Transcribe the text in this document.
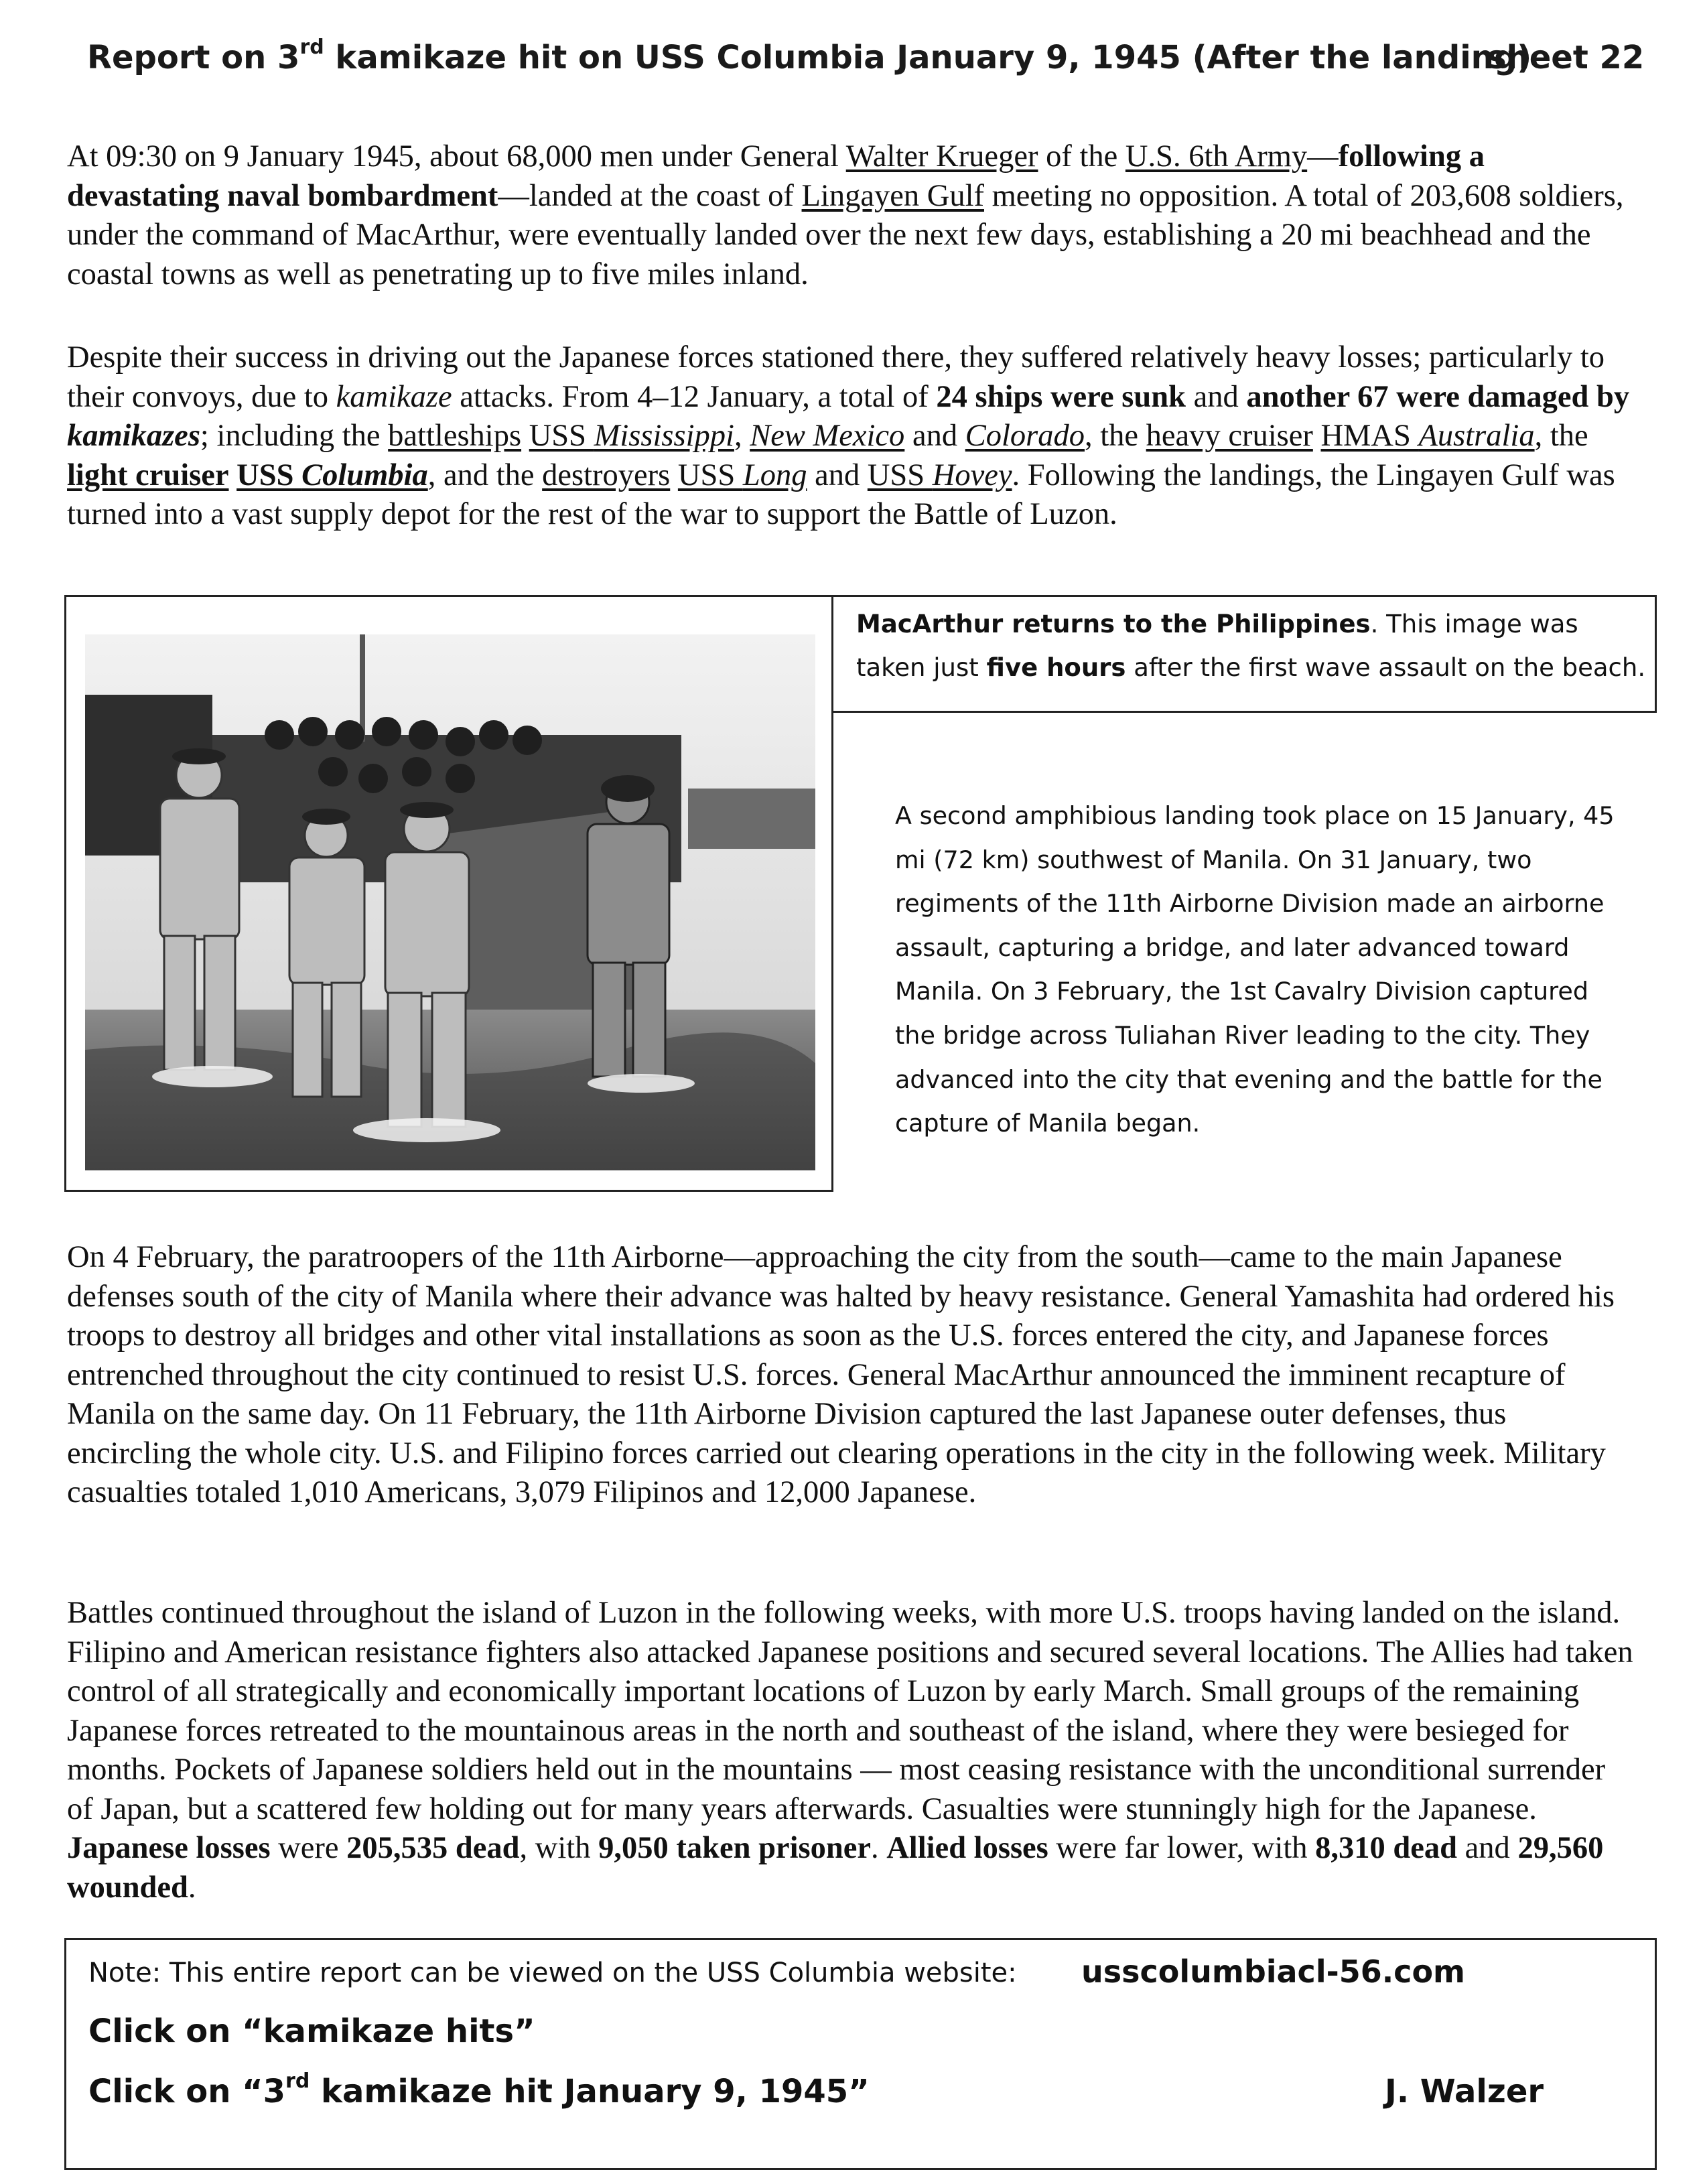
Report on 3rd kamikaze hit on USS Columbia January 9, 1945 (After the landing)
sheet 22

At 09:30 on 9 January 1945, about 68,000 men under General Walter Krueger of the U.S. 6th Army—following a devastating naval bombardment—landed at the coast of Lingayen Gulf meeting no opposition. A total of 203,608 soldiers, under the command of MacArthur, were eventually landed over the next few days, establishing a 20 mi beachhead and the coastal towns as well as penetrating up to five miles inland.

Despite their success in driving out the Japanese forces stationed there, they suffered relatively heavy losses; particularly to their convoys, due to kamikaze attacks. From 4–12 January, a total of 24 ships were sunk and another 67 were damaged by kamikazes; including the battleships USS Mississippi, New Mexico and Colorado, the heavy cruiser HMAS Australia, the light cruiser USS Columbia, and the destroyers USS Long and USS Hovey. Following the landings, the Lingayen Gulf was turned into a vast supply depot for the rest of the war to support the Battle of Luzon.

MacArthur returns to the Philippines. This image was taken just five hours after the first wave assault on the beach.
A second amphibious landing took place on 15 January, 45 mi (72 km) southwest of Manila. On 31 January, two regiments of the 11th Airborne Division made an airborne assault, capturing a bridge, and later advanced toward Manila. On 3 February, the 1st Cavalry Division captured the bridge across Tuliahan River leading to the city. They advanced into the city that evening and the battle for the capture of Manila began.

On 4 February, the paratroopers of the 11th Airborne—approaching the city from the south—came to the main Japanese defenses south of the city of Manila where their advance was halted by heavy resistance. General Yamashita had ordered his troops to destroy all bridges and other vital installations as soon as the U.S. forces entered the city, and Japanese forces entrenched throughout the city continued to resist U.S. forces. General MacArthur announced the imminent recapture of Manila on the same day. On 11 February, the 11th Airborne Division captured the last Japanese outer defenses, thus encircling the whole city. U.S. and Filipino forces carried out clearing operations in the city in the following week. Military casualties totaled 1,010 Americans, 3,079 Filipinos and 12,000 Japanese.

Battles continued throughout the island of Luzon in the following weeks, with more U.S. troops having landed on the island. Filipino and American resistance fighters also attacked Japanese positions and secured several locations. The Allies had taken control of all strategically and economically important locations of Luzon by early March. Small groups of the remaining Japanese forces retreated to the mountainous areas in the north and southeast of the island, where they were besieged for months. Pockets of Japanese soldiers held out in the mountains — most ceasing resistance with the unconditional surrender of Japan, but a scattered few holding out for many years afterwards. Casualties were stunningly high for the Japanese. Japanese losses were 205,535 dead, with 9,050 taken prisoner. Allied losses were far lower, with 8,310 dead and 29,560 wounded.

Note: This entire report can be viewed on the USS Columbia website: usscolumbiacl-56.com
Click on “kamikaze hits”
Click on “3rd kamikaze hit January 9, 1945”	J. Walzer
